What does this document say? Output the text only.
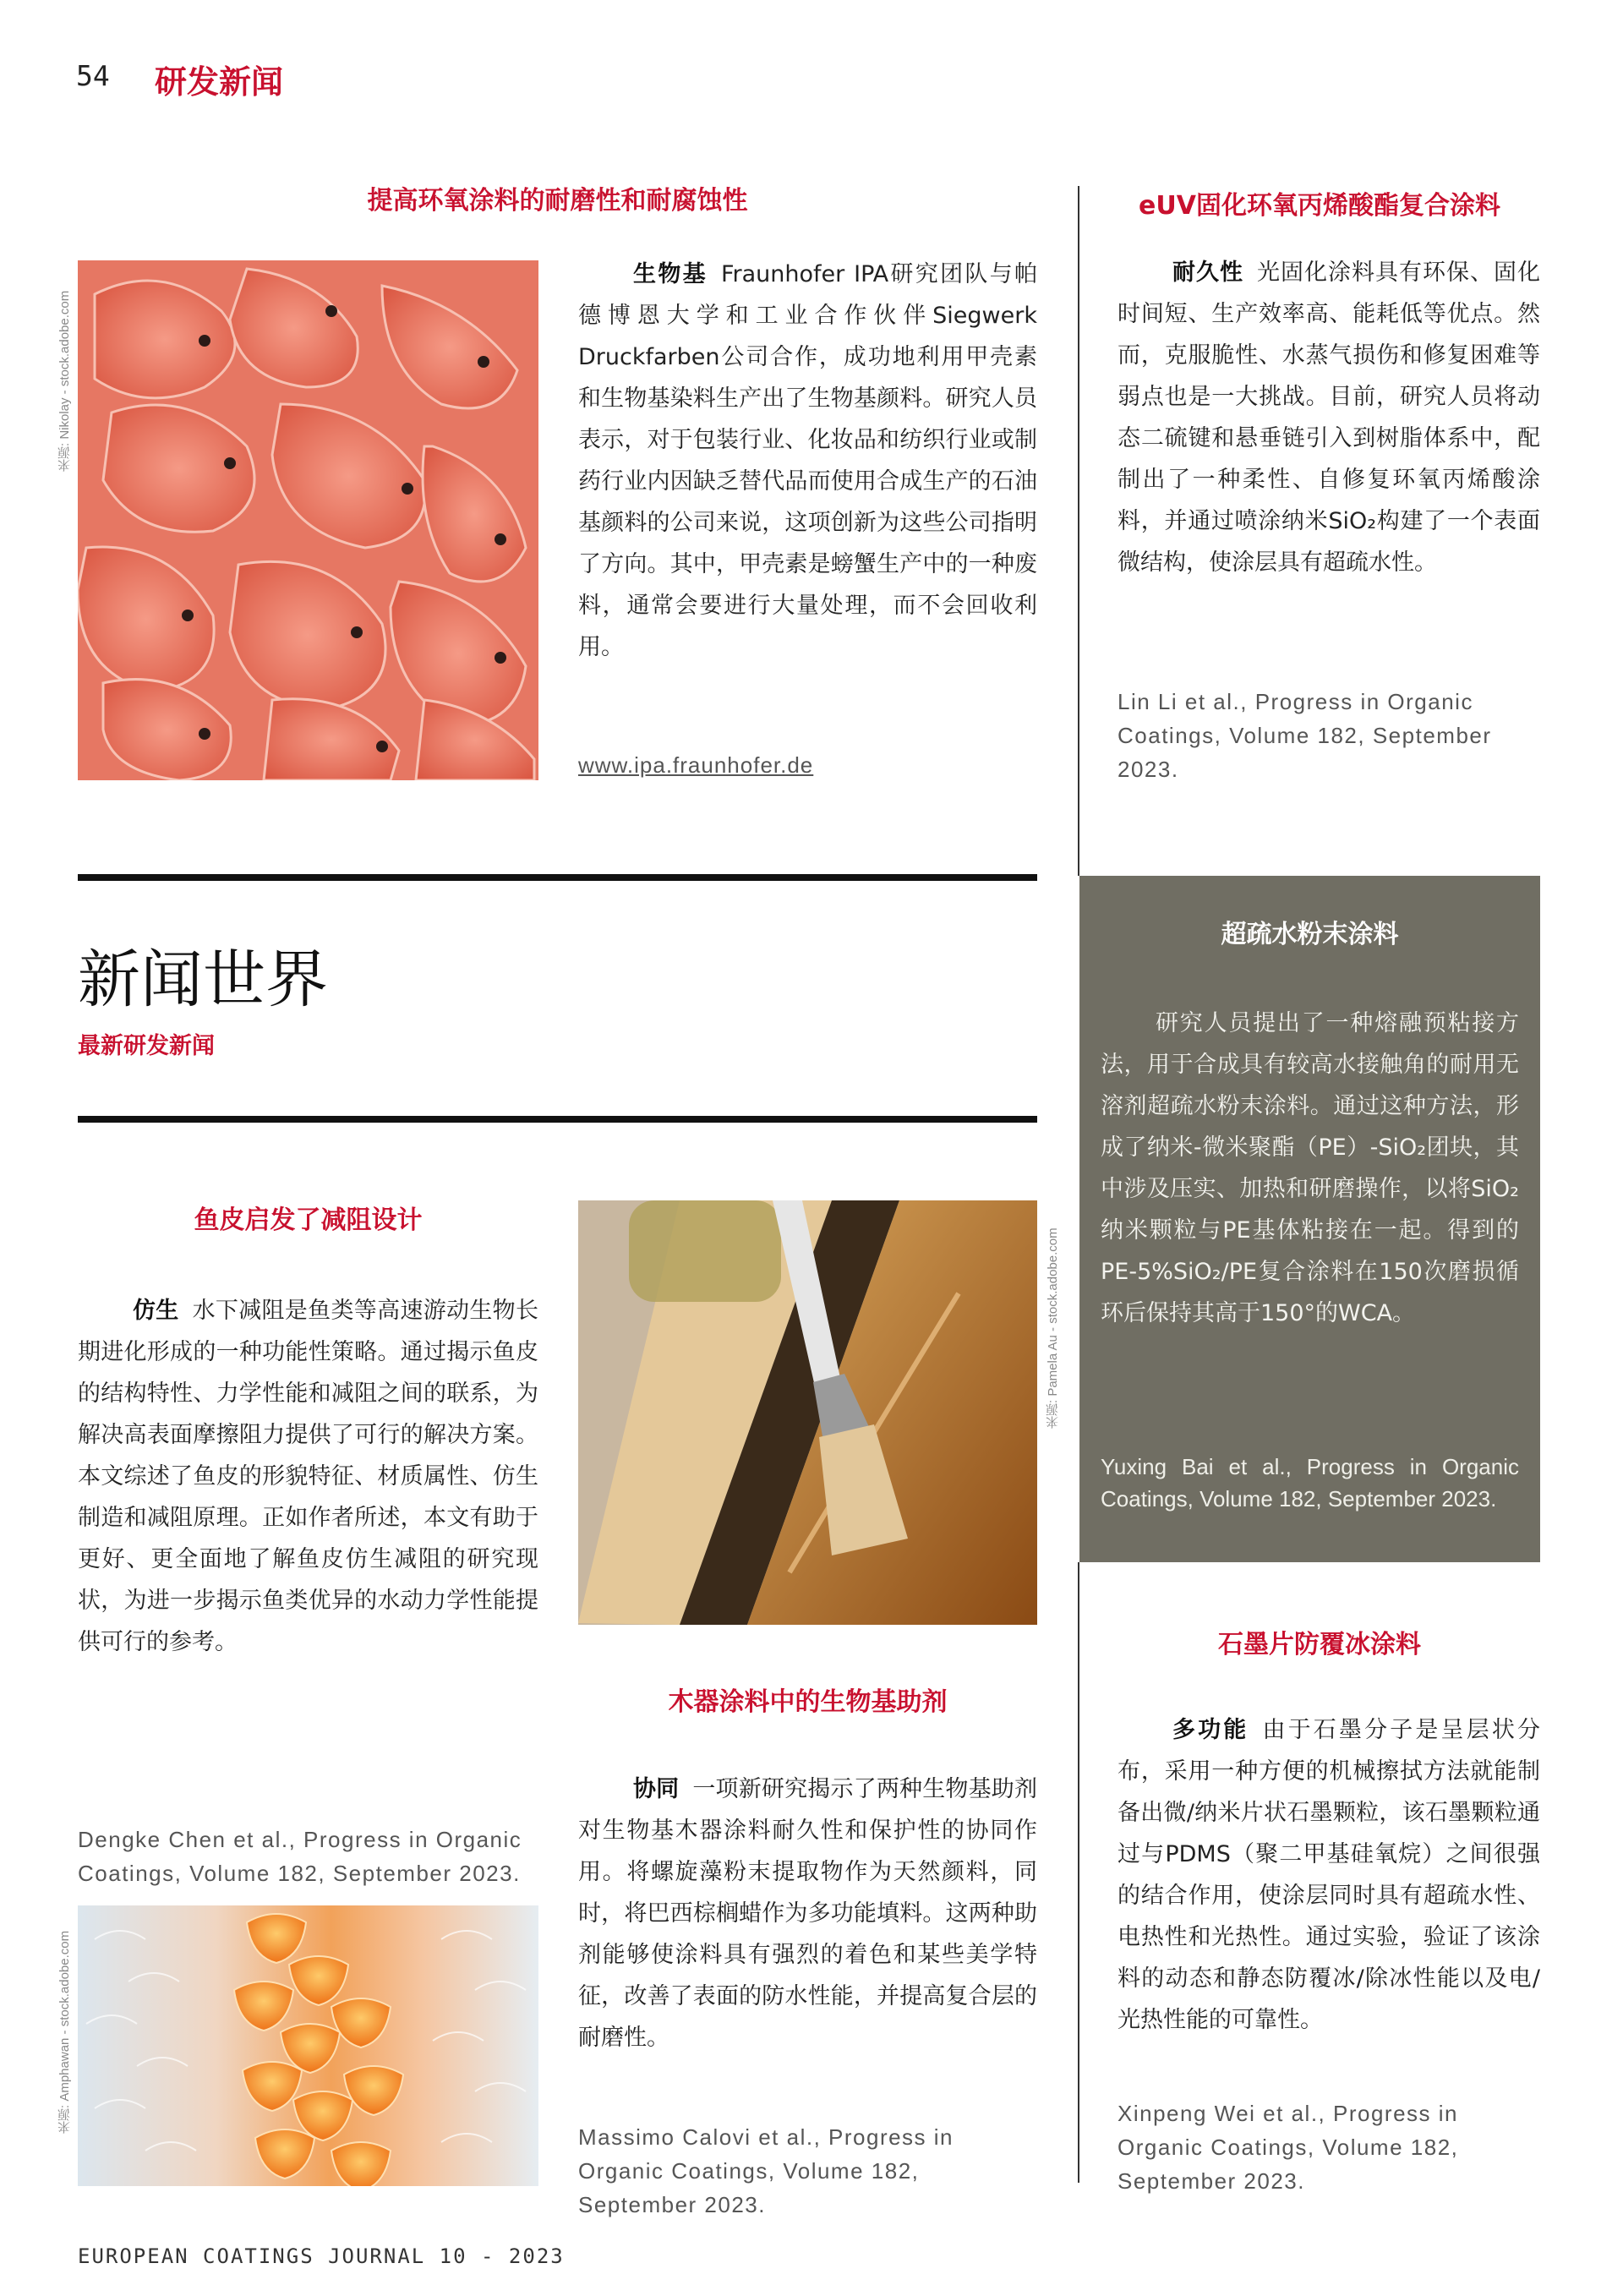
54 研发新闻
提高环氧涂料的耐磨性和耐腐蚀性
来源: Nikolay - stock.adobe.com
生物基 Fraunhofer IPA研究团队与帕德博恩大学和工业合作伙伴Siegwerk Druckfarben公司合作，成功地利用甲壳素和生物基染料生产出了生物基颜料。研究人员表示，对于包装行业、化妆品和纺织行业或制药行业内因缺乏替代品而使用合成生产的石油基颜料的公司来说，这项创新为这些公司指明了方向。其中，甲壳素是螃蟹生产中的一种废料，通常会要进行大量处理，而不会回收利用。
www.ipa.fraunhofer.de
eUV固化环氧丙烯酸酯复合涂料
耐久性 光固化涂料具有环保、固化时间短、生产效率高、能耗低等优点。然而，克服脆性、水蒸气损伤和修复困难等弱点也是一大挑战。目前，研究人员将动态二硫键和悬垂链引入到树脂体系中，配制出了一种柔性、自修复环氧丙烯酸涂料，并通过喷涂纳米SiO₂构建了一个表面微结构，使涂层具有超疏水性。
Lin Li et al., Progress in Organic Coatings, Volume 182, September 2023.
新闻世界
最新研发新闻
超疏水粉末涂料
研究人员提出了一种熔融预粘接方法，用于合成具有较高水接触角的耐用无溶剂超疏水粉末涂料。通过这种方法，形成了纳米-微米聚酯（PE）-SiO₂团块，其中涉及压实、加热和研磨操作，以将SiO₂纳米颗粒与PE基体粘接在一起。得到的PE-5%SiO₂/PE复合涂料在150次磨损循环后保持其高于150°的WCA。
Yuxing Bai et al., Progress in Organic Coatings, Volume 182, September 2023.
鱼皮启发了减阻设计
仿生 水下减阻是鱼类等高速游动生物长期进化形成的一种功能性策略。通过揭示鱼皮的结构特性、力学性能和减阻之间的联系，为解决高表面摩擦阻力提供了可行的解决方案。本文综述了鱼皮的形貌特征、材质属性、仿生制造和减阻原理。正如作者所述，本文有助于更好、更全面地了解鱼皮仿生减阻的研究现状，为进一步揭示鱼类优异的水动力学性能提供可行的参考。
Dengke Chen et al., Progress in Organic Coatings, Volume 182, September 2023.
来源: Amphawan - stock.adobe.com
来源: Pamela Au - stock.adobe.com
木器涂料中的生物基助剂
协同 一项新研究揭示了两种生物基助剂对生物基木器涂料耐久性和保护性的协同作用。将螺旋藻粉末提取物作为天然颜料，同时，将巴西棕榈蜡作为多功能填料。这两种助剂能够使涂料具有强烈的着色和某些美学特征，改善了表面的防水性能，并提高复合层的耐磨性。
Massimo Calovi et al., Progress in Organic Coatings, Volume 182, September 2023.
石墨片防覆冰涂料
多功能 由于石墨分子是呈层状分布，采用一种方便的机械擦拭方法就能制备出微/纳米片状石墨颗粒，该石墨颗粒通过与PDMS（聚二甲基硅氧烷）之间很强的结合作用，使涂层同时具有超疏水性、电热性和光热性。通过实验，验证了该涂料的动态和静态防覆冰/除冰性能以及电/光热性能的可靠性。
Xinpeng Wei et al., Progress in Organic Coatings, Volume 182, September 2023.
EUROPEAN COATINGS JOURNAL 10 - 2023
